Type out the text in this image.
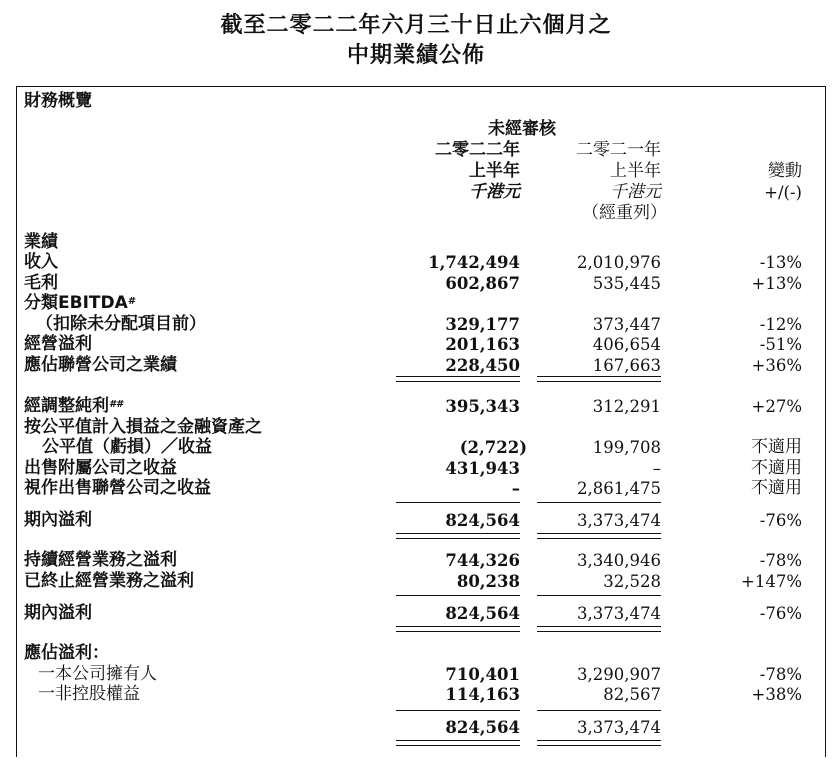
截至二零二二年六月三十日止六個月之
中期業績公佈
財務概覽
未經審核
二零二二年
上半年
千港元
二零二一年
上半年
千港元
（經重列）
變動
+/(-)
業績
收入	1,742,494	2,010,976	-13%
毛利	602,867	535,445	+13%
分類EBITDA#
（扣除未分配項目前）	329,177	373,447	-12%
經營溢利	201,163	406,654	-51%
應佔聯營公司之業績	228,450	167,663	+36%
經調整純利##	395,343	312,291	+27%
按公平值計入損益之金融資產之
公平值（虧損）／收益	(2,722)	199,708	不適用
出售附屬公司之收益	431,943	–	不適用
視作出售聯營公司之收益	–	2,861,475	不適用
期內溢利	824,564	3,373,474	-76%
持續經營業務之溢利	744,326	3,340,946	-78%
已終止經營業務之溢利	80,238	32,528	+147%
期內溢利	824,564	3,373,474	-76%
應佔溢利：
一本公司擁有人	710,401	3,290,907	-78%
一非控股權益	114,163	82,567	+38%
824,564	3,373,474
